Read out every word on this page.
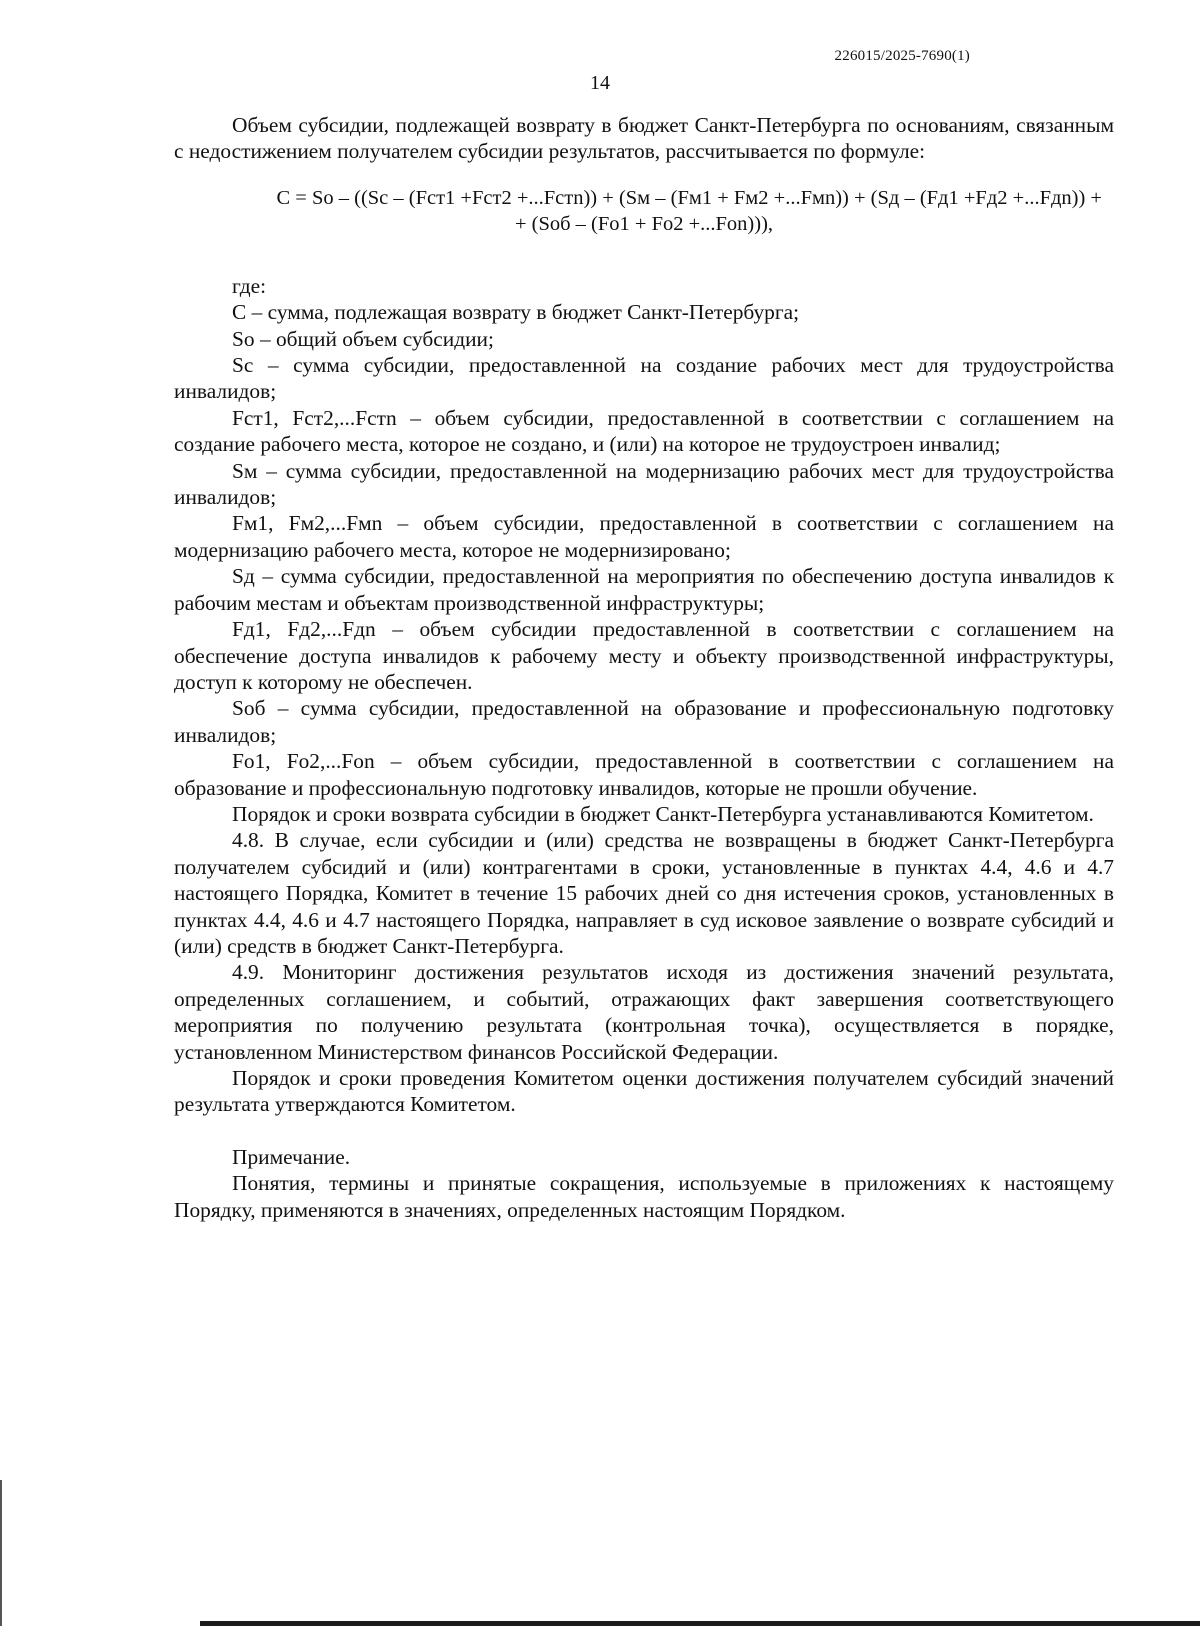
226015/2025-7690(1)
14

Объем субсидии, подлежащей возврату в бюджет Санкт-Петербурга по основаниям, связанным с недостижением получателем субсидии результатов, рассчитывается по формуле:

C = So – ((Sc – (Fст1 +Fст2 +...Fстn)) + (Sм – (Fм1 + Fм2 +...Fмn)) + (Sд – (Fд1 +Fд2 +...Fдn)) +
+ (Sоб – (Fо1 + Fо2 +...Fоn))),

где:

C – сумма, подлежащая возврату в бюджет Санкт-Петербурга;

So – общий объем субсидии;

Sc – сумма субсидии, предоставленной на создание рабочих мест для трудоустройства инвалидов;

Fст1, Fст2,...Fстn – объем субсидии, предоставленной в соответствии с соглашением на создание рабочего места, которое не создано, и (или) на которое не трудоустроен инвалид;

Sм – сумма субсидии, предоставленной на модернизацию рабочих мест для трудоустройства инвалидов;

Fм1, Fм2,...Fмn – объем субсидии, предоставленной в соответствии с соглашением на модернизацию рабочего места, которое не модернизировано;

Sд – сумма субсидии, предоставленной на мероприятия по обеспечению доступа инвалидов к рабочим местам и объектам производственной инфраструктуры;

Fд1, Fд2,...Fдn – объем субсидии предоставленной в соответствии с соглашением на обеспечение доступа инвалидов к рабочему месту и объекту производственной инфраструктуры, доступ к которому не обеспечен.

Sоб – сумма субсидии, предоставленной на образование и профессиональную подготовку инвалидов;

Fо1, Fо2,...Fоn – объем субсидии, предоставленной в соответствии с соглашением на образование и профессиональную подготовку инвалидов, которые не прошли обучение.

Порядок и сроки возврата субсидии в бюджет Санкт-Петербурга устанавливаются Комитетом.

4.8. В случае, если субсидии и (или) средства не возвращены в бюджет Санкт-Петербурга получателем субсидий и (или) контрагентами в сроки, установленные в пунктах 4.4, 4.6 и 4.7 настоящего Порядка, Комитет в течение 15 рабочих дней со дня истечения сроков, установленных в пунктах 4.4, 4.6 и 4.7 настоящего Порядка, направляет в суд исковое заявление о возврате субсидий и (или) средств в бюджет Санкт-Петербурга.

4.9. Мониторинг достижения результатов исходя из достижения значений результата, определенных соглашением, и событий, отражающих факт завершения соответствующего мероприятия по получению результата (контрольная точка), осуществляется в порядке, установленном Министерством финансов Российской Федерации.

Порядок и сроки проведения Комитетом оценки достижения получателем субсидий значений результата утверждаются Комитетом.

Примечание.

Понятия, термины и принятые сокращения, используемые в приложениях к настоящему Порядку, применяются в значениях, определенных настоящим Порядком.
